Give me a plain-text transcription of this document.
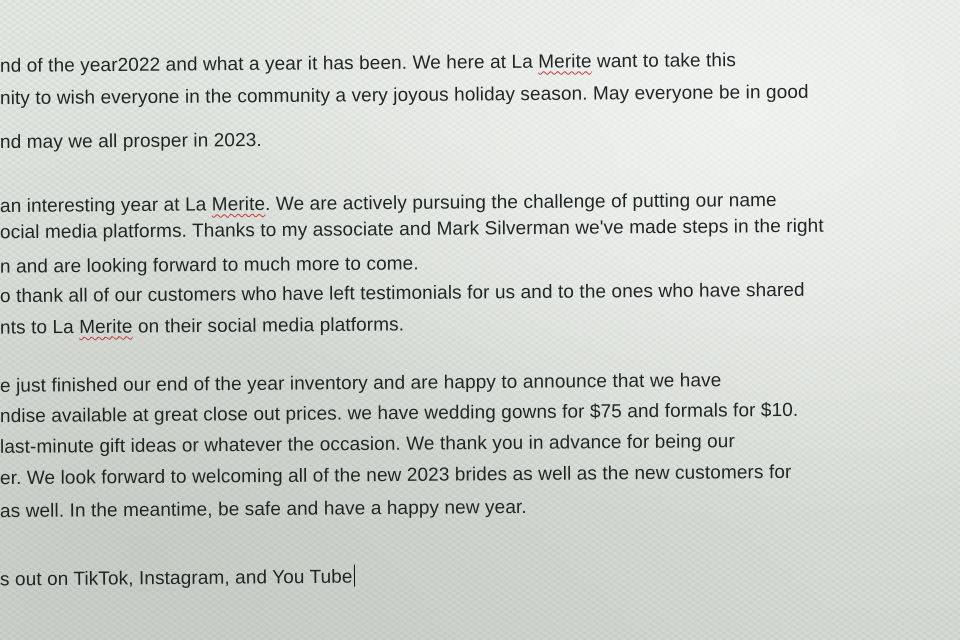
nd of the year2022 and what a year it has been. We here at La Merite want to take this
nity to wish everyone in the community a very joyous holiday season. May everyone be in good
nd may we all prosper in 2023.
an interesting year at La Merite. We are actively pursuing the challenge of putting our name
ocial media platforms. Thanks to my associate and Mark Silverman we've made steps in the right
n and are looking forward to much more to come.
o thank all of our customers who have left testimonials for us and to the ones who have shared
nts to La Merite on their social media platforms.
e just finished our end of the year inventory and are happy to announce that we have
ndise available at great close out prices. we have wedding gowns for $75 and formals for $10.
last-minute gift ideas or whatever the occasion. We thank you in advance for being our
er. We look forward to welcoming all of the new 2023 brides as well as the new customers for
as well. In the meantime, be safe and have a happy new year.
s out on TikTok, Instagram, and You Tube
